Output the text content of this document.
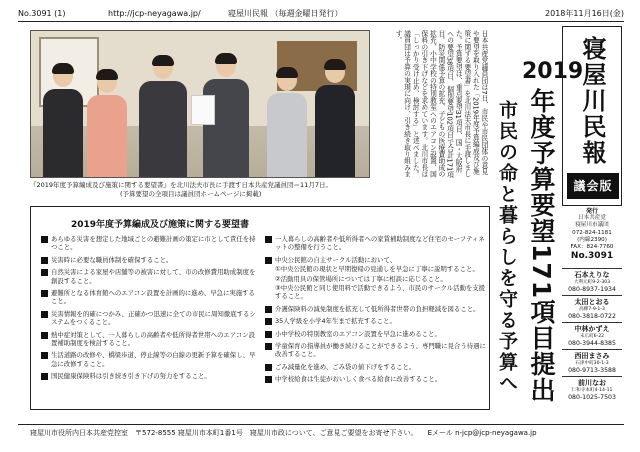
No.3091 (1)	http://jcp-neyagawa.jp/	寝屋川民報 （毎週金曜日発行）	2018年11月16日(金)
『2019年度予算編成及び施策に関する要望書』を北川法夫市長に手渡す日本共産党議員団＝11月7日。
(予算要望の全項目は議員団ホームページに掲載)
日本共産党議員団は7日、市民や市民団体の意見や要望を取り入れた「2019年度予算編成及び施策に関する要望書」を北川法夫市長に手渡しました。予算要望は、重点要望31項目、国・大阪府への要望38項目、個別要望102項目で合計171項目。防災関係予算の拡充、子どもの医療費助成の拡充、小中学校の特別教室へのエアコン設置、国保料の引き下げなどを求めています。北川市長は「しっかり受け止め、検討する」と述べました。議員団は予算の実現に向け、引き続き取り組みます。
2019
年度予算要望171項目提出
市民の命と暮らしを守る予算へ	寝屋川民報
議会版
発行
日本共産党
寝屋川市議団
072-824-1181
(内線2390)
FAX：824-7760
No.3091
石本えりな
大利元町9-2-303
080-8937-1934
太田とおる
高柳7-9-1-3
080-3818-0722
中林かずえ
末広町6-22
080-3944-8385
西田まさみ
石津中町30-1-3
080-9713-3588
前川なお
仁和寺本町4-14-11
080-1025-7503
2019年度予算編成及び施策に関する要望書
あらゆる災害を想定した地域ごとの避難計画の策定に市として責任を持つこと。
災害時に必要な職員体制を確保すること。
自然災害による家屋や店舗等の被害に対して、市の改修費用助成制度を創設すること。
避難所となる体育館へのエアコン設置を計画的に進め、早急に実施すること。
災害情報を的確につかみ、正確かつ迅速に全ての市民に周知徹底するシステムをつくること。
熱中症対策として、一人暮らしの高齢者や低所得者世帯へのエアコン設置補助制度を検討すること。
生活道路の改修や、橋梁歩道、停止線等の白線の更新予算を確保し、早急に改修すること。
国民健康保険料は引き続き引き下げの努力をすること。
一人暮らしの高齢者や低所得者への家賃補助制度など住宅のセーフティネットの整備を行うこと。
中央公民館の自主サークル活動において、
①中央公民館の現状と早期復帰の見通しを早急に丁寧に説明すること。
②活動用具の保管場所については丁寧に相談に応じること。
③中央公民館と同じ使用料で活動できるよう、市民のサークル活動を支援すること。
介護保険料の減免制度を拡充して低所得者世帯の負担軽減を図ること。
35人学級を小学4年生まで拡充すること。
小中学校の特別教室のエアコン設置を早急に進めること。
学童保育の指導員が働き続けることができるよう、専門職に見合う待遇に改善すること。
ごみ減量化を進め、ごみ袋の値下げをすること。
中学校給食は生徒がおいしく食べる給食に改善すること。
寝屋川市役所内日本共産党控室　〒572-8555 寝屋川市本町1番1号　寝屋川市政について、ご意見ご要望をお寄せ下さい。 Eメール n-jcp@jcp-neyagawa.jp
